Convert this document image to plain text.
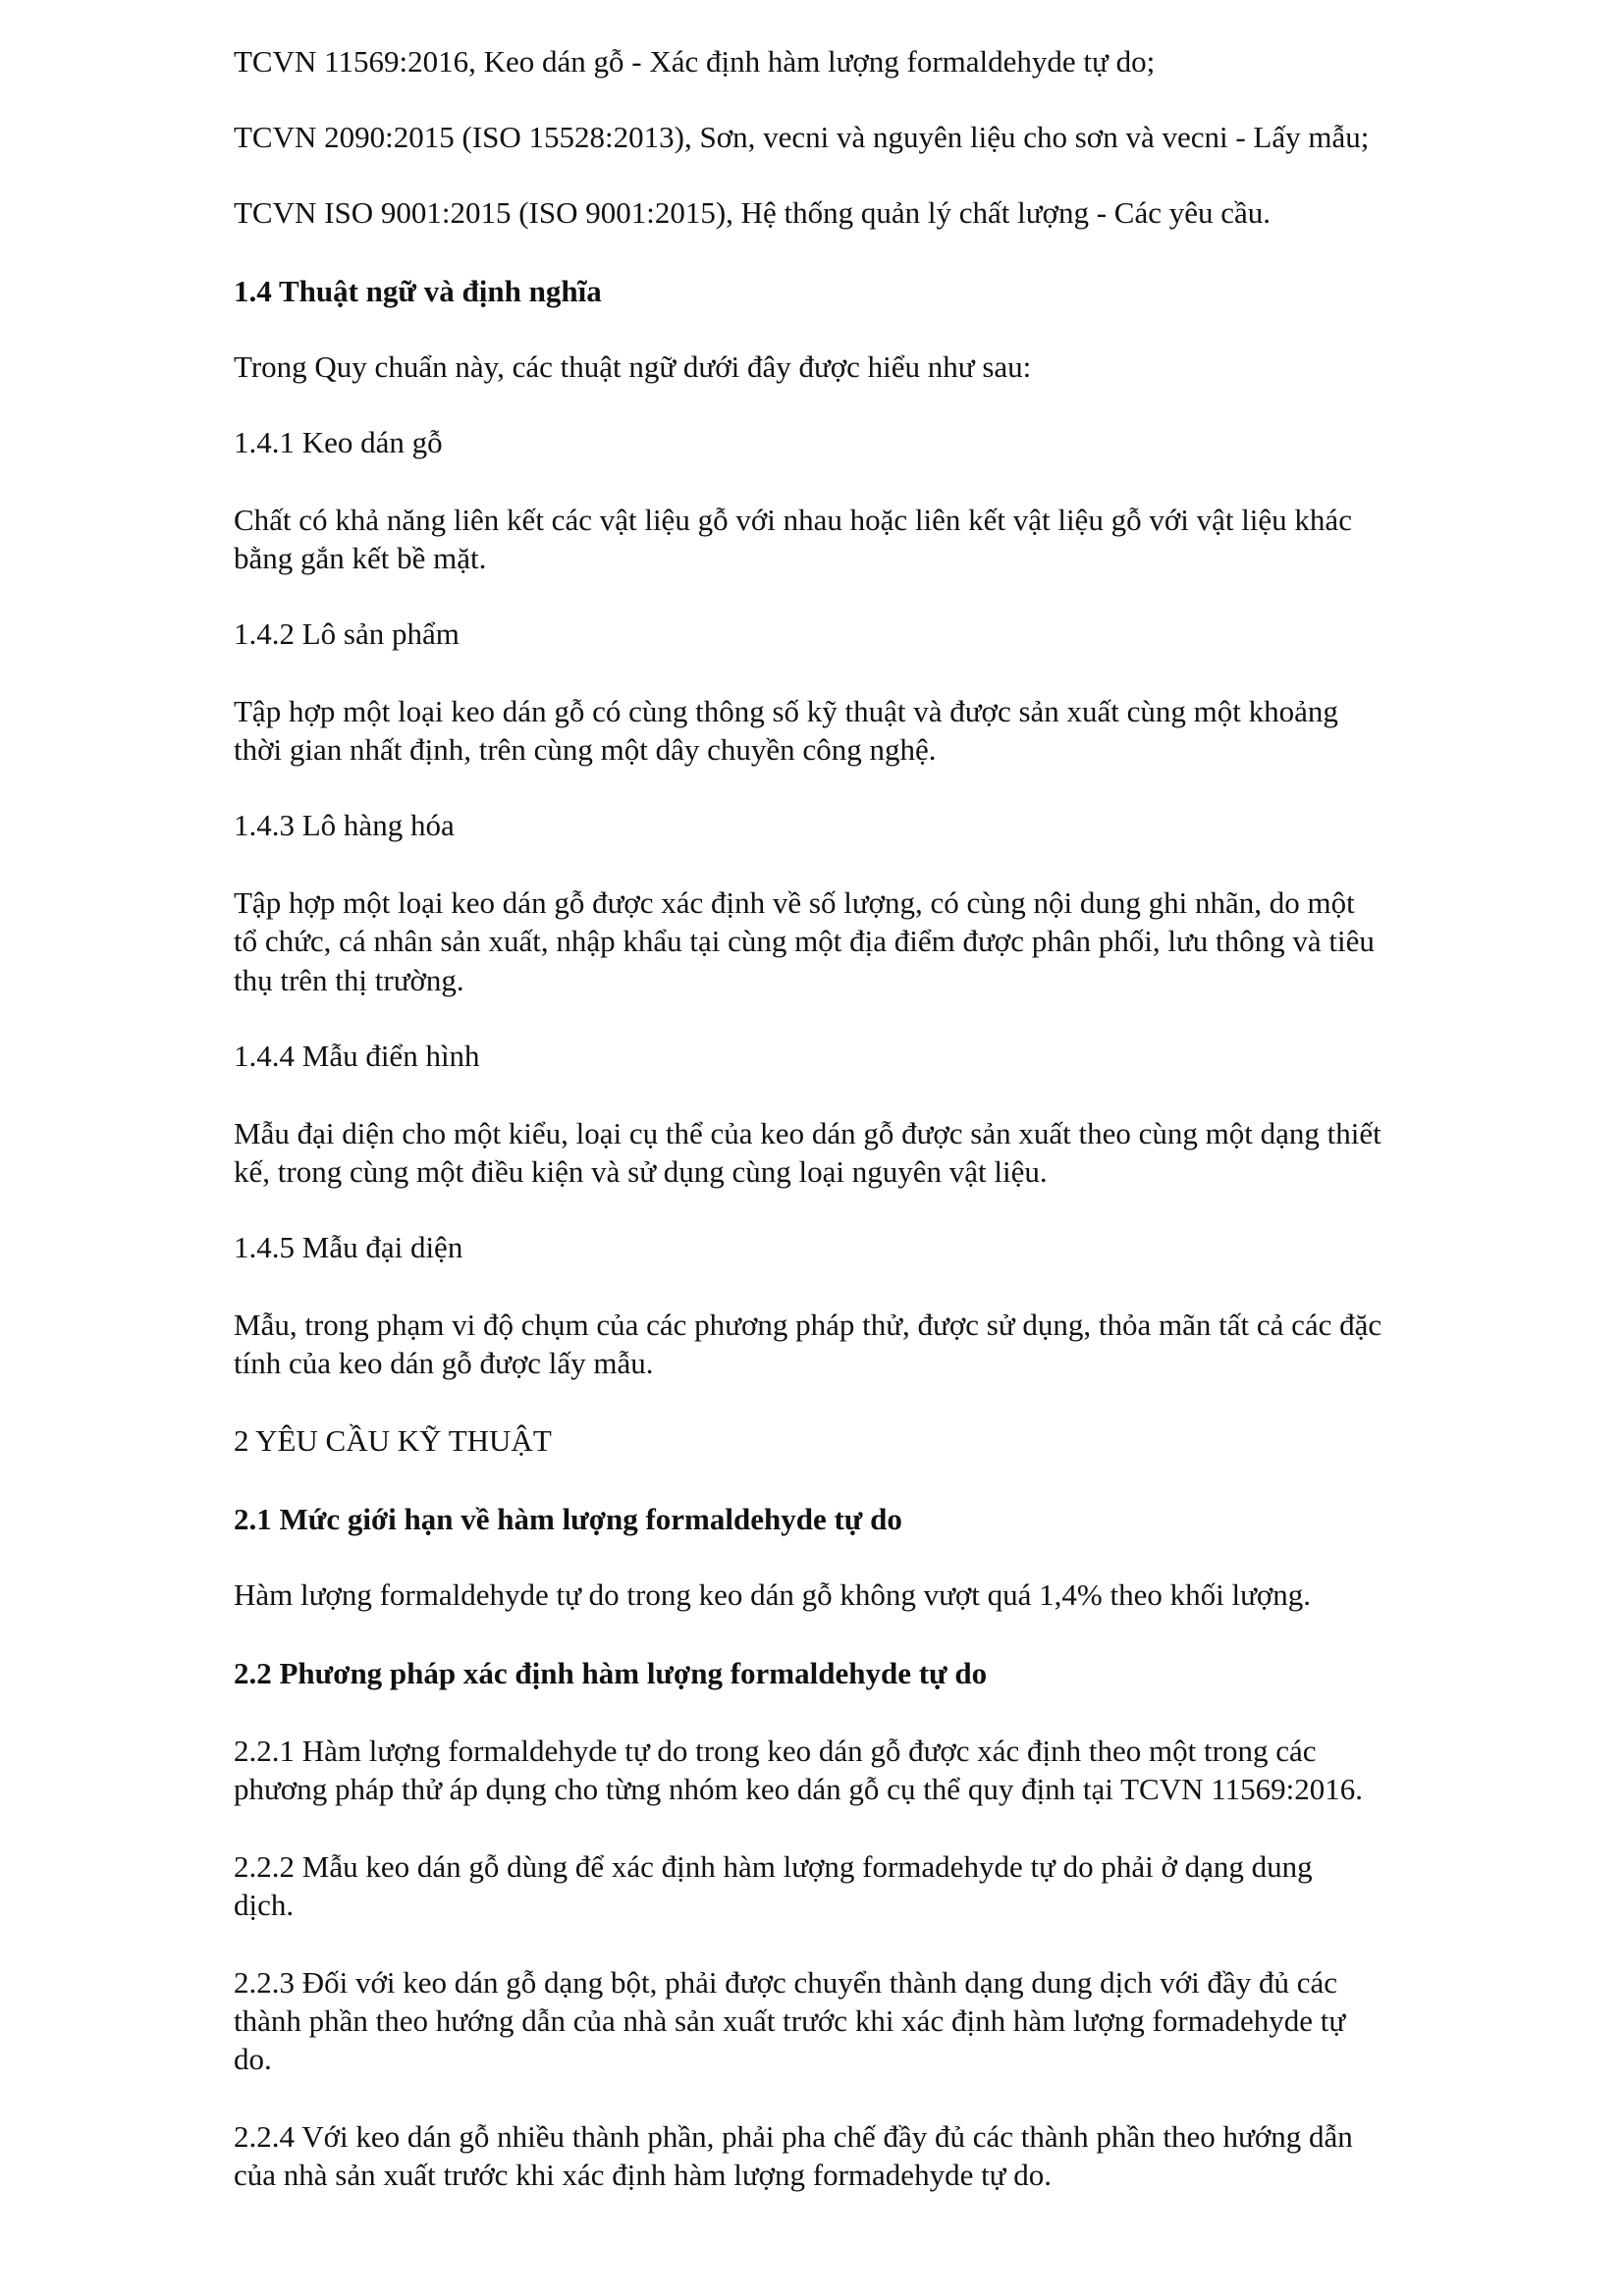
TCVN 11569:2016, Keo dán gỗ - Xác định hàm lượng formaldehyde tự do;
TCVN 2090:2015 (ISO 15528:2013), Sơn, vecni và nguyên liệu cho sơn và vecni - Lấy mẫu;
TCVN ISO 9001:2015 (ISO 9001:2015), Hệ thống quản lý chất lượng - Các yêu cầu.
1.4 Thuật ngữ và định nghĩa
Trong Quy chuẩn này, các thuật ngữ dưới đây được hiểu như sau:
1.4.1 Keo dán gỗ
Chất có khả năng liên kết các vật liệu gỗ với nhau hoặc liên kết vật liệu gỗ với vật liệu khác
bằng gắn kết bề mặt.
1.4.2 Lô sản phẩm
Tập hợp một loại keo dán gỗ có cùng thông số kỹ thuật và được sản xuất cùng một khoảng
thời gian nhất định, trên cùng một dây chuyền công nghệ.
1.4.3 Lô hàng hóa
Tập hợp một loại keo dán gỗ được xác định về số lượng, có cùng nội dung ghi nhãn, do một
tổ chức, cá nhân sản xuất, nhập khẩu tại cùng một địa điểm được phân phối, lưu thông và tiêu
thụ trên thị trường.
1.4.4 Mẫu điển hình
Mẫu đại diện cho một kiểu, loại cụ thể của keo dán gỗ được sản xuất theo cùng một dạng thiết
kế, trong cùng một điều kiện và sử dụng cùng loại nguyên vật liệu.
1.4.5 Mẫu đại diện
Mẫu, trong phạm vi độ chụm của các phương pháp thử, được sử dụng, thỏa mãn tất cả các đặc
tính của keo dán gỗ được lấy mẫu.
2 YÊU CẦU KỸ THUẬT
2.1 Mức giới hạn về hàm lượng formaldehyde tự do
Hàm lượng formaldehyde tự do trong keo dán gỗ không vượt quá 1,4% theo khối lượng.
2.2 Phương pháp xác định hàm lượng formaldehyde tự do
2.2.1 Hàm lượng formaldehyde tự do trong keo dán gỗ được xác định theo một trong các
phương pháp thử áp dụng cho từng nhóm keo dán gỗ cụ thể quy định tại TCVN 11569:2016.
2.2.2 Mẫu keo dán gỗ dùng để xác định hàm lượng formadehyde tự do phải ở dạng dung
dịch.
2.2.3 Đối với keo dán gỗ dạng bột, phải được chuyển thành dạng dung dịch với đầy đủ các
thành phần theo hướng dẫn của nhà sản xuất trước khi xác định hàm lượng formadehyde tự
do.
2.2.4 Với keo dán gỗ nhiều thành phần, phải pha chế đầy đủ các thành phần theo hướng dẫn
của nhà sản xuất trước khi xác định hàm lượng formadehyde tự do.
